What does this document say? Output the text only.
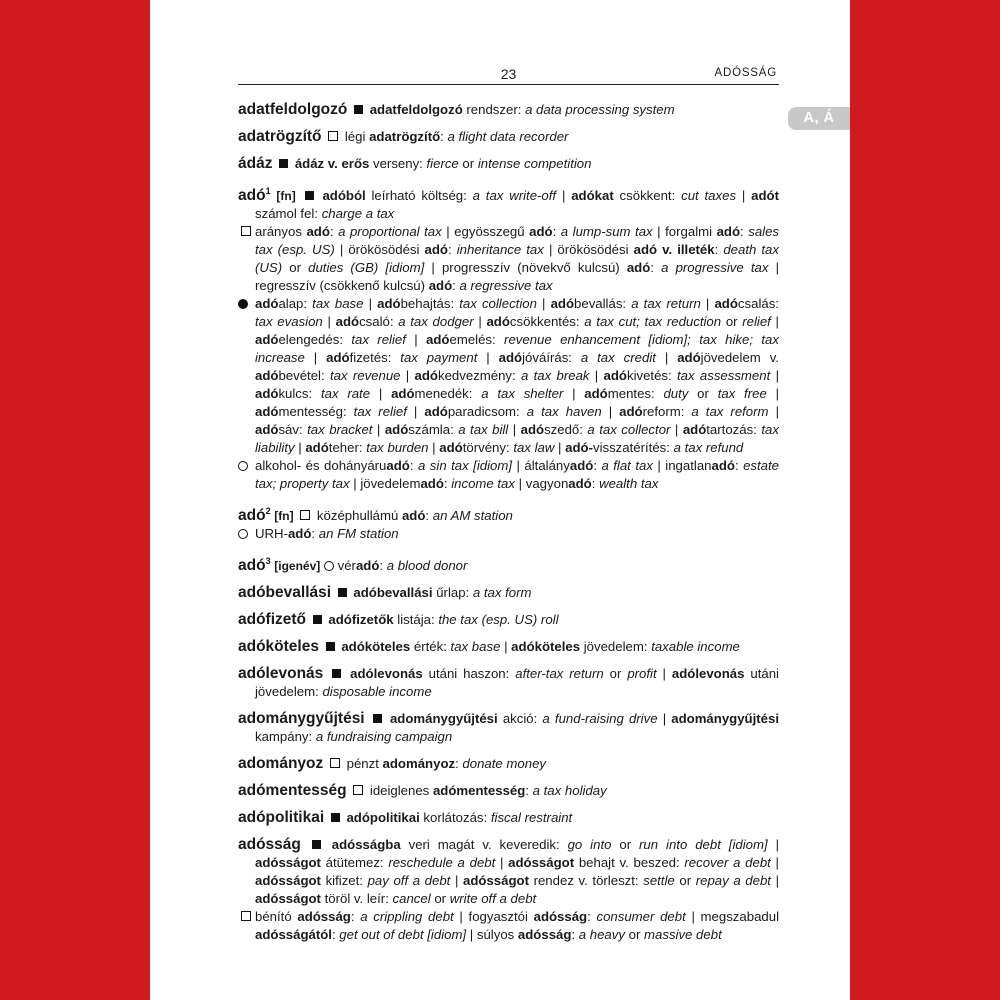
23	ADÓSSÁG
A, Á

adatfeldolgozó adatfeldolgozó rendszer: a data processing system

adatrögzítő légi adatrögzítő: a flight data recorder

ádáz ádáz v. erős verseny: fierce or intense competition

adó$^1$ [fn] adóból leírható költség: a tax write-off | adókat csökkent: cut taxes | adót számol fel: charge a tax

arányos adó: a proportional tax | egyösszegű adó: a lump-sum tax | forgalmi adó: sales tax (esp. US) | örökösödési adó: inheritance tax | örökösödési adó v. illeték: death tax (US) or duties (GB) [idiom] | progresszív (növekvő kulcsú) adó: a progressive tax | regresszív (csökkenő kulcsú) adó: a regressive tax

adóalap: tax base | adóbehajtás: tax collection | adóbevallás: a tax return | adócsalás: tax evasion | adócsaló: a tax dodger | adócsökkentés: a tax cut; tax reduction or relief | adóelengedés: tax relief | adóemelés: revenue enhancement [idiom]; tax hike; tax increase | adófizetés: tax payment | adójóváírás: a tax credit | adójövedelem v. adóbevétel: tax revenue | adókedvezmény: a tax break | adókivetés: tax assessment | adókulcs: tax rate | adómenedék: a tax shelter | adómentes: duty or tax free | adómentesség: tax relief | adóparadicsom: a tax haven | adóreform: a tax reform | adósáv: tax bracket | adószámla: a tax bill | adószedő: a tax collector | adótartozás: tax liability | adóteher: tax burden | adótörvény: tax law | adó-visszatérítés: a tax refund

alkohol- és dohányáruadó: a sin tax [idiom] | általányadó: a flat tax | ingatlanadó: estate tax; property tax | jövedelemadó: income tax | vagyonadó: wealth tax

adó$^2$ [fn] középhullámú adó: an AM station

URH-adó: an FM station

adó$^3$ [igenév] véradó: a blood donor

adóbevallási adóbevallási űrlap: a tax form

adófizető adófizetők listája: the tax (esp. US) roll

adóköteles adóköteles érték: tax base | adóköteles jövedelem: taxable income

adólevonás adólevonás utáni haszon: after-tax return or profit | adólevonás utáni jövedelem: disposable income

adománygyűjtési adománygyűjtési akció: a fund-raising drive | adománygyűjtési kampány: a fundraising campaign

adományoz pénzt adományoz: donate money

adómentesség ideiglenes adómentesség: a tax holiday

adópolitikai adópolitikai korlátozás: fiscal restraint

adósság adósságba veri magát v. keveredik: go into or run into debt [idiom] | adósságot átütemez: reschedule a debt | adósságot behajt v. beszed: recover a debt | adósságot kifizet: pay off a debt | adósságot rendez v. törleszt: settle or repay a debt | adósságot töröl v. leír: cancel or write off a debt

bénító adósság: a crippling debt | fogyasztói adósság: consumer debt | megszabadul adósságától: get out of debt [idiom] | súlyos adósság: a heavy or massive debt
